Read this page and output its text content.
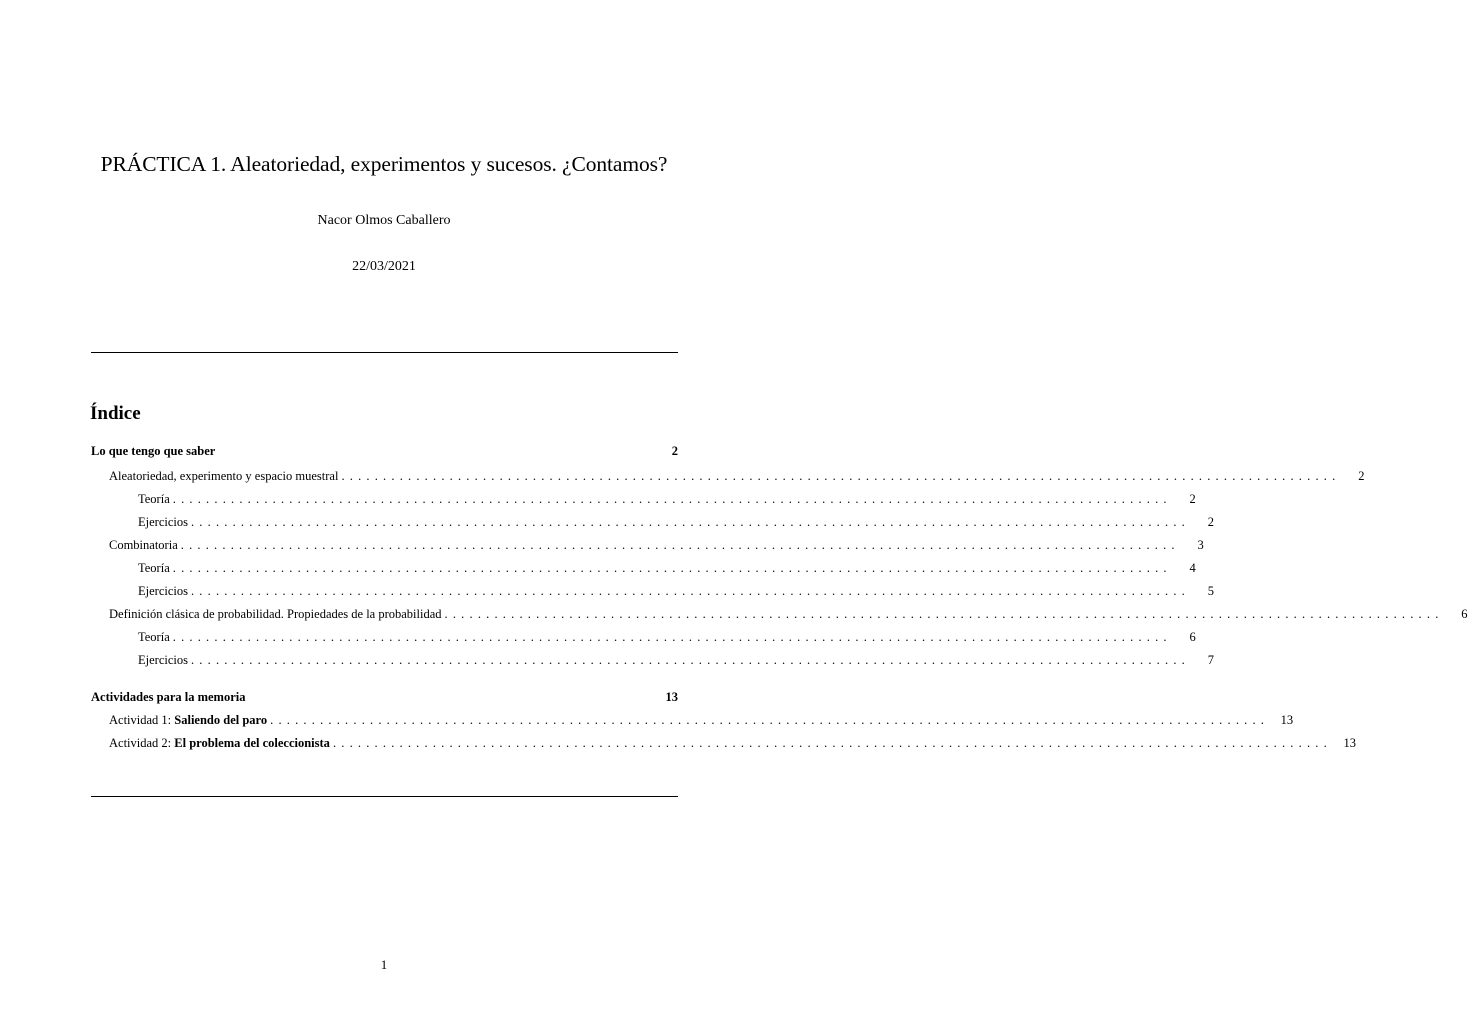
PRÁCTICA 1. Aleatoriedad, experimentos y sucesos. ¿Contamos?
Nacor Olmos Caballero
22/03/2021
Índice
Lo que tengo que saber	2
Aleatoriedad, experimento y espacio muestral ........................................................................................................................	2
Teoría ........................................................................................................................	2
Ejercicios ........................................................................................................................	2
Combinatoria ........................................................................................................................	3
Teoría ........................................................................................................................	4
Ejercicios ........................................................................................................................	5
Definición clásica de probabilidad. Propiedades de la probabilidad ........................................................................................................................	6
Teoría ........................................................................................................................	6
Ejercicios ........................................................................................................................	7
Actividades para la memoria	13
Actividad 1: Saliendo del paro ........................................................................................................................ 13
Actividad 2: El problema del coleccionista ........................................................................................................................ 13
1
